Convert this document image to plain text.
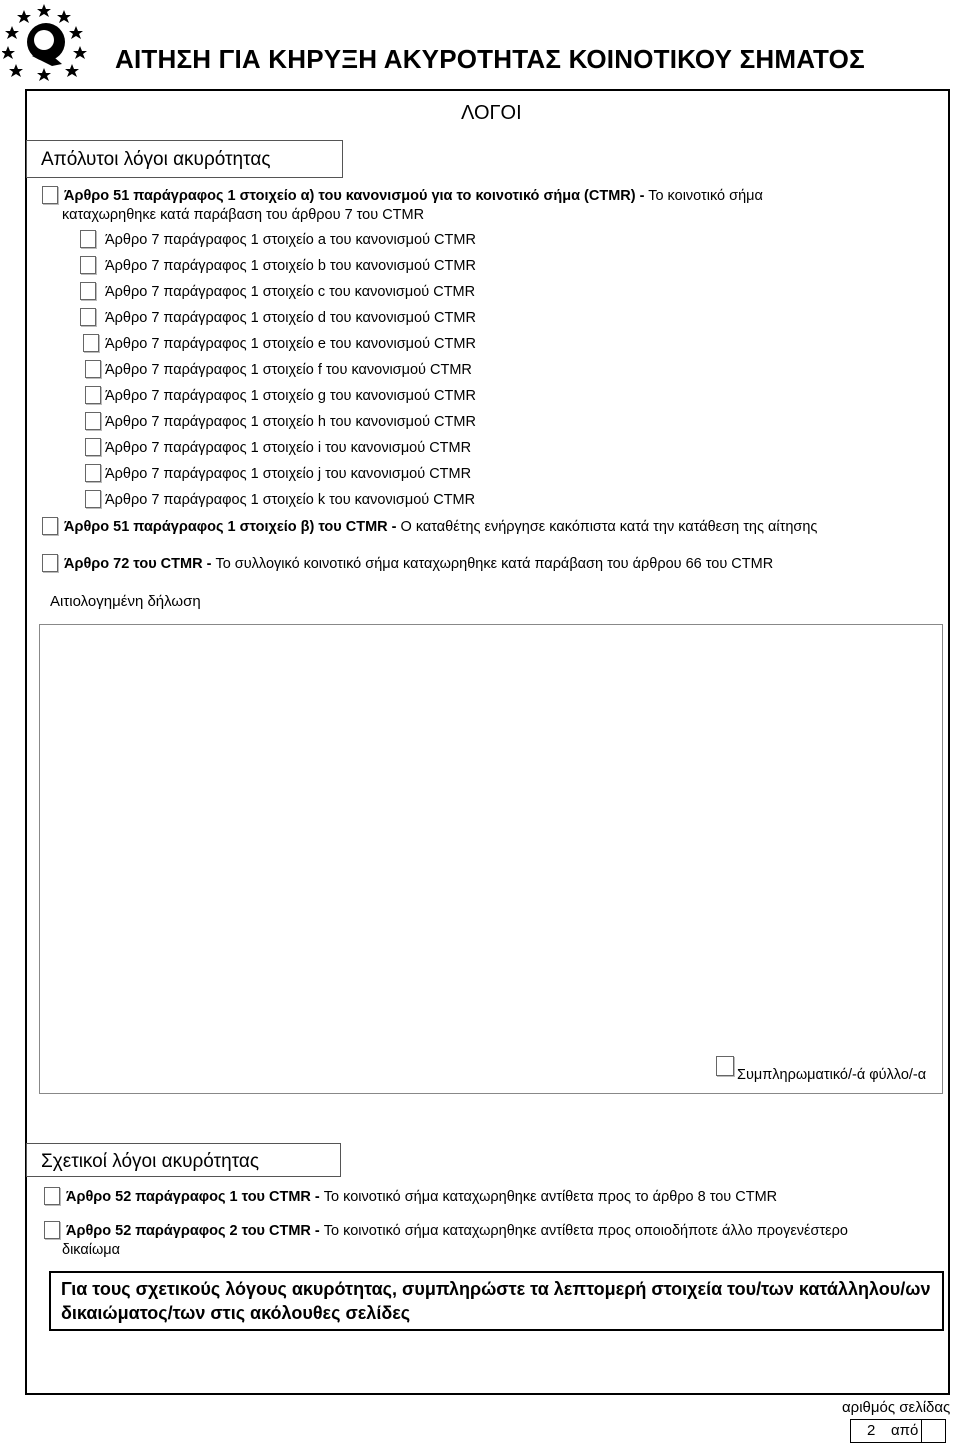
ΑΙΤΗΣΗ ΓΙΑ ΚΗΡΥΞΗ ΑΚΥΡΟΤΗΤΑΣ ΚΟΙΝΟΤΙΚΟΥ ΣΗΜΑΤΟΣ
ΛΟΓΟΙ
Απόλυτοι λόγοι ακυρότητας
Άρθρο 51 παράγραφος 1 στοιχείο α) του κανονισμού για το κοινοτικό σήμα (CTMR) - Το κοινοτικό σήμα
καταχωρηθηκε κατά παράβαση του άρθρου 7 του CTMR
Άρθρο 7 παράγραφος 1 στοιχείο a του κανονισμού CTMR
Άρθρο 7 παράγραφος 1 στοιχείο b του κανονισμού CTMR
Άρθρο 7 παράγραφος 1 στοιχείο c του κανονισμού CTMR
Άρθρο 7 παράγραφος 1 στοιχείο d του κανονισμού CTMR
Άρθρο 7 παράγραφος 1 στοιχείο e του κανονισμού CTMR
Άρθρο 7 παράγραφος 1 στοιχείο f του κανονισμού CTMR
Άρθρο 7 παράγραφος 1 στοιχείο g του κανονισμού CTMR
Άρθρο 7 παράγραφος 1 στοιχείο h του κανονισμού CTMR
Άρθρο 7 παράγραφος 1 στοιχείο i του κανονισμού CTMR
Άρθρο 7 παράγραφος 1 στοιχείο j του κανονισμού CTMR
Άρθρο 7 παράγραφος 1 στοιχείο k του κανονισμού CTMR
Άρθρο 51 παράγραφος 1 στοιχείο β) του CTMR - Ο καταθέτης ενήργησε κακόπιστα κατά την κατάθεση της αίτησης
Άρθρο 72 του CTMR - Το συλλογικό κοινοτικό σήμα καταχωρηθηκε κατά παράβαση του άρθρου 66 του CTMR
Αιτιολογημένη δήλωση
Συμπληρωματικό/-ά φύλλο/-α
Σχετικοί λόγοι ακυρότητας
Άρθρο 52 παράγραφος 1 του CTMR - Το κοινοτικό σήμα καταχωρηθηκε αντίθετα προς το άρθρο 8 του CTMR
Άρθρο 52 παράγραφος 2 του CTMR - Το κοινοτικό σήμα καταχωρηθηκε αντίθετα προς οποιοδήποτε άλλο προγενέστερο
δικαίωμα
Για τους σχετικούς λόγους ακυρότητας, συμπληρώστε τα λεπτομερή στοιχεία του/των κατάλληλου/ων δικαιώματος/των στις ακόλουθες σελίδες
αριθμός σελίδας
2 από
